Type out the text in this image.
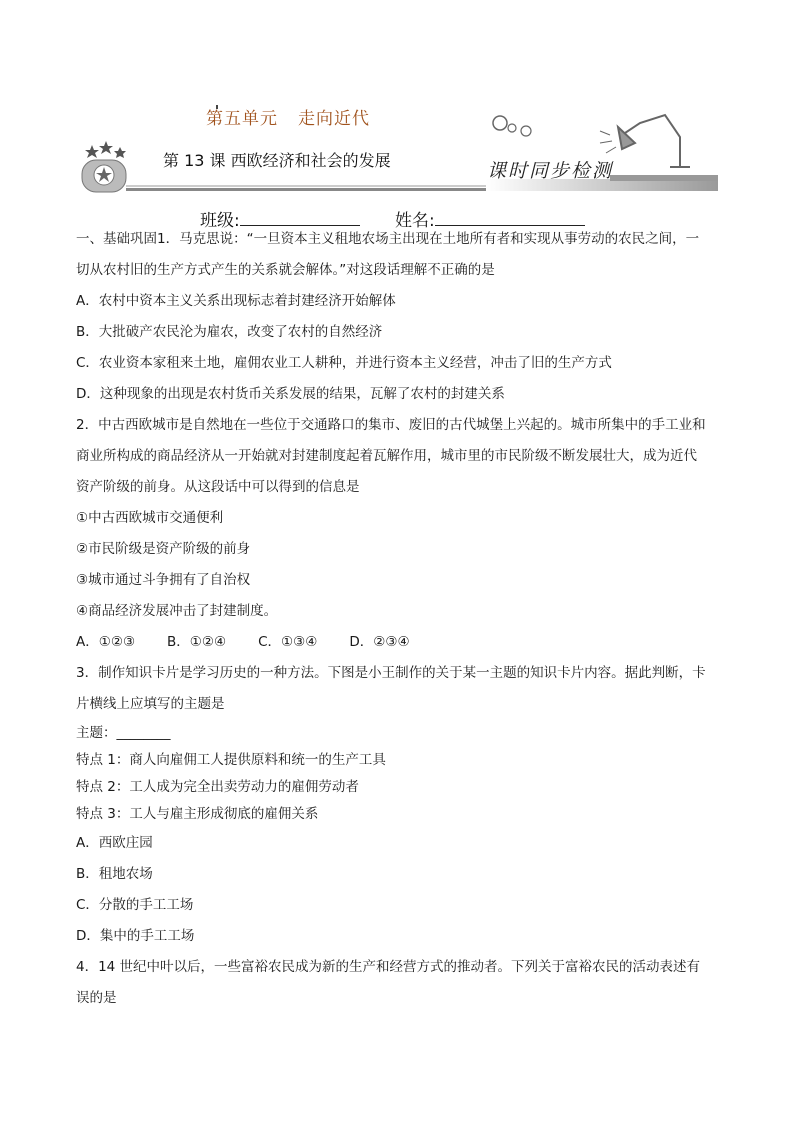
第五单元 走向近代
第 13 课 西欧经济和社会的发展	课时同步检测
班级:	姓名:

一、基础巩固1．马克思说：“一旦资本主义租地农场主出现在土地所有者和实现从事劳动的农民之间，一

切从农村旧的生产方式产生的关系就会解体。”对这段话理解不正确的是

A．农村中资本主义关系出现标志着封建经济开始解体

B．大批破产农民沦为雇农，改变了农村的自然经济

C．农业资本家租来土地，雇佣农业工人耕种，并进行资本主义经营，冲击了旧的生产方式

D．这种现象的出现是农村货币关系发展的结果，瓦解了农村的封建关系

2．中古西欧城市是自然地在一些位于交通路口的集市、废旧的古代城堡上兴起的。城市所集中的手工业和

商业所构成的商品经济从一开始就对封建制度起着瓦解作用，城市里的市民阶级不断发展壮大，成为近代

资产阶级的前身。从这段话中可以得到的信息是

①中古西欧城市交通便利

②市民阶级是资产阶级的前身

③城市通过斗争拥有了自治权

④商品经济发展冲击了封建制度。

A．①②③ B．①②④ C．①③④ D．②③④

3．制作知识卡片是学习历史的一种方法。下图是小王制作的关于某一主题的知识卡片内容。据此判断，卡

片横线上应填写的主题是

主题：________

特点 1：商人向雇佣工人提供原料和统一的生产工具

特点 2：工人成为完全出卖劳动力的雇佣劳动者

特点 3：工人与雇主形成彻底的雇佣关系

A．西欧庄园

B．租地农场

C．分散的手工工场

D．集中的手工工场

4．14 世纪中叶以后，一些富裕农民成为新的生产和经营方式的推动者。下列关于富裕农民的活动表述有

误的是
